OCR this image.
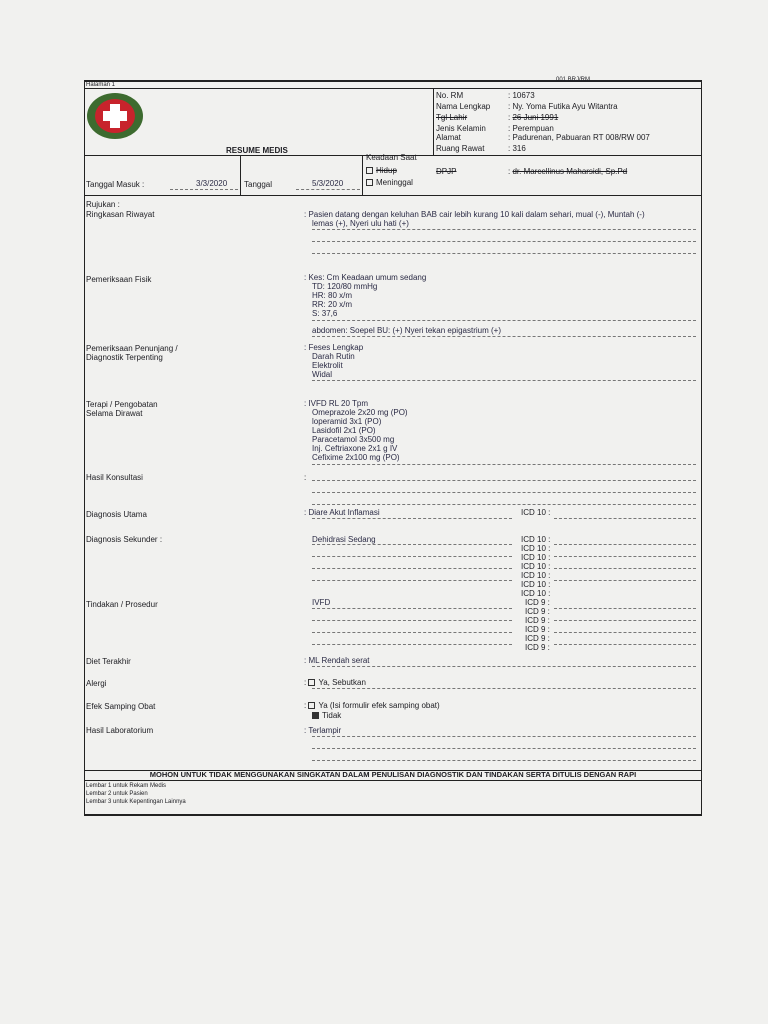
Halaman 1
001 BRJ/RM
RESUME MEDIS
No. RM	: 10673
Nama Lengkap : Ny. Yoma Futika Ayu Witantra
Tgl Lahir	: 26 Juni 1991
Jenis Kelamin	: Perempuan
Alamat	: Padurenan, Pabuaran RT 008/RW 007
Ruang Rawat	: 316
Tanggal Masuk :	3/3/2020 Tanggal	5/3/2020
Keadaan Saat
Hidup
Meninggal
DPJP	: dr. Marcellinus Maharsidi, Sp.Pd
Rujukan :
Ringkasan Riwayat	: Pasien datang dengan keluhan BAB cair lebih kurang 10 kali dalam sehari, mual (-), Muntah (-)
lemas (+), Nyeri ulu hati (+)
Pemeriksaan Fisik	: Kes: Cm Keadaan umum sedang
TD: 120/80 mmHg
HR: 80 x/m
RR: 20 x/m
S: 37,6
abdomen: Soepel BU: (+) Nyeri tekan epigastrium (+)
Pemeriksaan Penunjang /
Diagnostik Terpenting
: Feses Lengkap
Darah Rutin
Elektrolit
Widal
Terapi / Pengobatan
Selama Dirawat
: IVFD RL 20 Tpm
Omeprazole 2x20 mg (PO)
loperamid 3x1 (PO)
Lasidofil 2x1 (PO)
Paracetamol 3x500 mg
Inj. Ceftriaxone 2x1 g IV
Cefixime 2x100 mg (PO)
Hasil Konsultasi	:
Diagnosis Utama	: Diare Akut Inflamasi	ICD 10 :
Diagnosis Sekunder :	Dehidrasi Sedang	ICD 10 :
ICD 10 :
ICD 10 :
ICD 10 :
ICD 10 :
ICD 10 :
ICD 10 :
Tindakan / Prosedur	IVFD	ICD 9 :
ICD 9 :
ICD 9 :
ICD 9 :
ICD 9 :
ICD 9 :
Diet Terakhir	: ML Rendah serat
Alergi	: Ya, Sebutkan
Efek Samping Obat	: Ya (Isi formulir efek samping obat)
Tidak
Hasil Laboratorium	: Terlampir
MOHON UNTUK TIDAK MENGGUNAKAN SINGKATAN DALAM PENULISAN DIAGNOSTIK DAN TINDAKAN SERTA DITULIS DENGAN RAPI
Lembar 1 untuk Rekam Medis
Lembar 2 untuk Pasien
Lembar 3 untuk Kepentingan Lainnya
